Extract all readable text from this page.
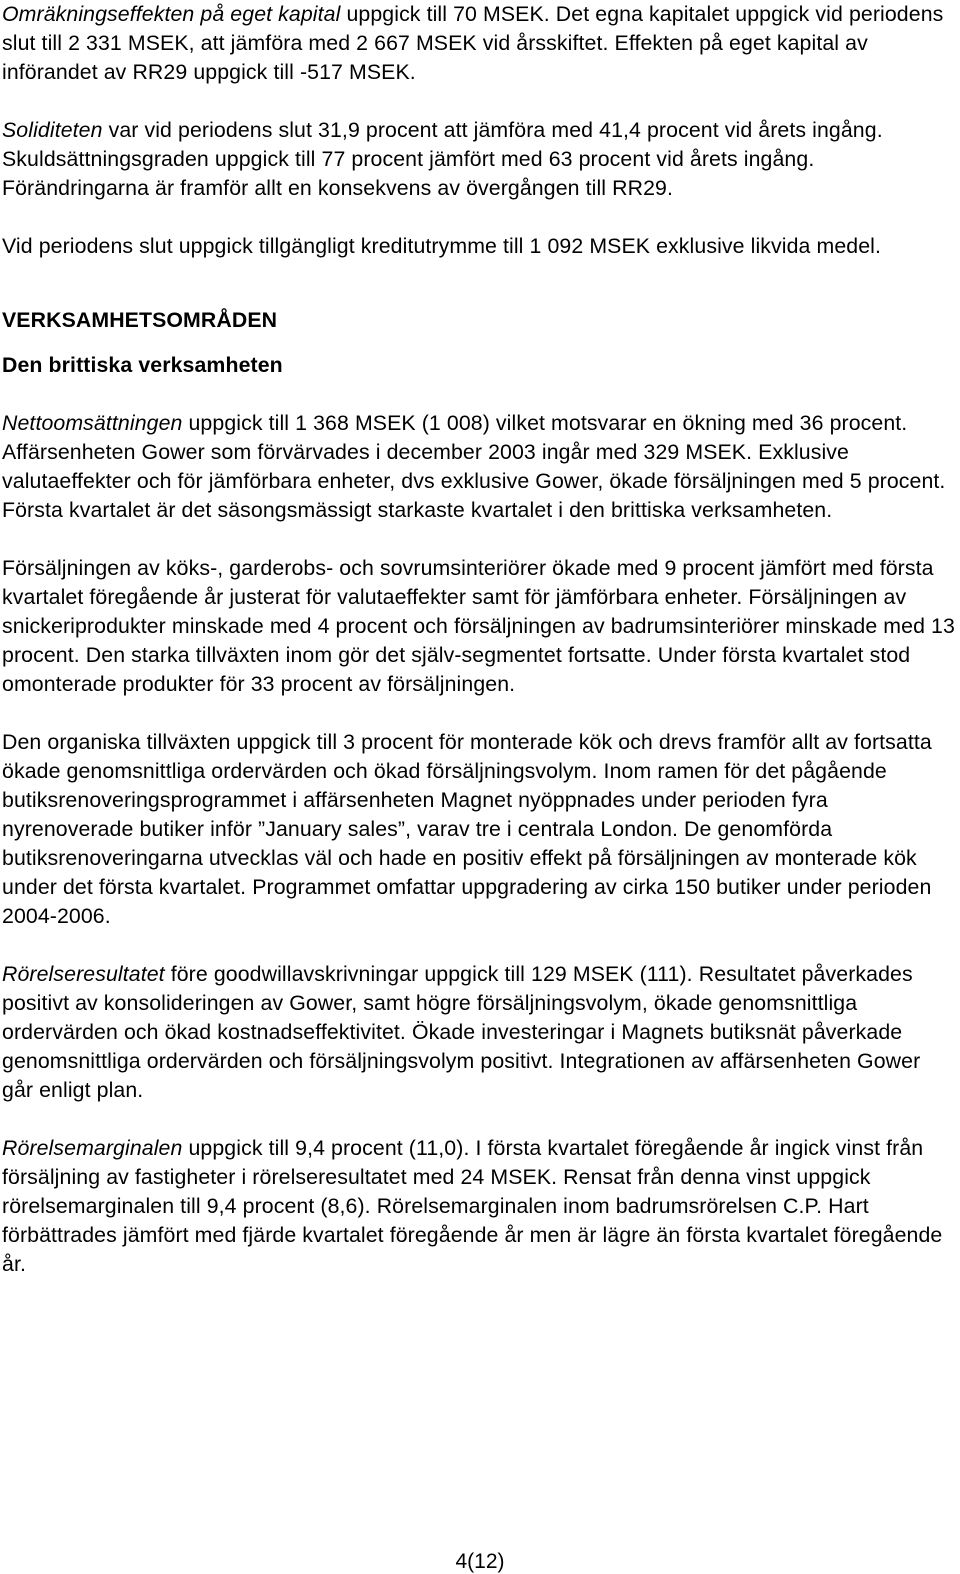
Omräkningseffekten på eget kapital uppgick till 70 MSEK. Det egna kapitalet uppgick vid periodens slut till 2 331 MSEK, att jämföra med 2 667 MSEK vid årsskiftet. Effekten på eget kapital av införandet av RR29 uppgick till -517 MSEK.

Soliditeten var vid periodens slut 31,9 procent att jämföra med 41,4 procent vid årets ingång. Skuldsättningsgraden uppgick till 77 procent jämfört med 63 procent vid årets ingång. Förändringarna är framför allt en konsekvens av övergången till RR29.

Vid periodens slut uppgick tillgängligt kreditutrymme till 1 092 MSEK exklusive likvida medel.

VERKSAMHETSOMRÅDEN

Den brittiska verksamheten

Nettoomsättningen uppgick till 1 368 MSEK (1 008) vilket motsvarar en ökning med 36 procent. Affärsenheten Gower som förvärvades i december 2003 ingår med 329 MSEK. Exklusive valutaeffekter och för jämförbara enheter, dvs exklusive Gower, ökade försäljningen med 5 procent. Första kvartalet är det säsongsmässigt starkaste kvartalet i den brittiska verksamheten.

Försäljningen av köks-, garderobs- och sovrumsinteriörer ökade med 9 procent jämfört med första kvartalet föregående år justerat för valutaeffekter samt för jämförbara enheter. Försäljningen av snickeriprodukter minskade med 4 procent och försäljningen av badrumsinteriörer minskade med 13 procent. Den starka tillväxten inom gör det själv-segmentet fortsatte. Under första kvartalet stod omonterade produkter för 33 procent av försäljningen.

Den organiska tillväxten uppgick till 3 procent för monterade kök och drevs framför allt av fortsatta ökade genomsnittliga ordervärden och ökad försäljningsvolym. Inom ramen för det pågående butiksrenoveringsprogrammet i affärsenheten Magnet nyöppnades under perioden fyra nyrenoverade butiker inför ”January sales”, varav tre i centrala London. De genomförda butiksrenoveringarna utvecklas väl och hade en positiv effekt på försäljningen av monterade kök under det första kvartalet. Programmet omfattar uppgradering av cirka 150 butiker under perioden 2004-2006.

Rörelseresultatet före goodwillavskrivningar uppgick till 129 MSEK (111). Resultatet påverkades positivt av konsolideringen av Gower, samt högre försäljningsvolym, ökade genomsnittliga ordervärden och ökad kostnadseffektivitet. Ökade investeringar i Magnets butiksnät påverkade genomsnittliga ordervärden och försäljningsvolym positivt. Integrationen av affärsenheten Gower går enligt plan.

Rörelsemarginalen uppgick till 9,4 procent (11,0). I första kvartalet föregående år ingick vinst från försäljning av fastigheter i rörelseresultatet med 24 MSEK. Rensat från denna vinst uppgick rörelsemarginalen till 9,4 procent (8,6). Rörelsemarginalen inom badrumsrörelsen C.P. Hart förbättrades jämfört med fjärde kvartalet föregående år men är lägre än första kvartalet föregående år.

4(12)
